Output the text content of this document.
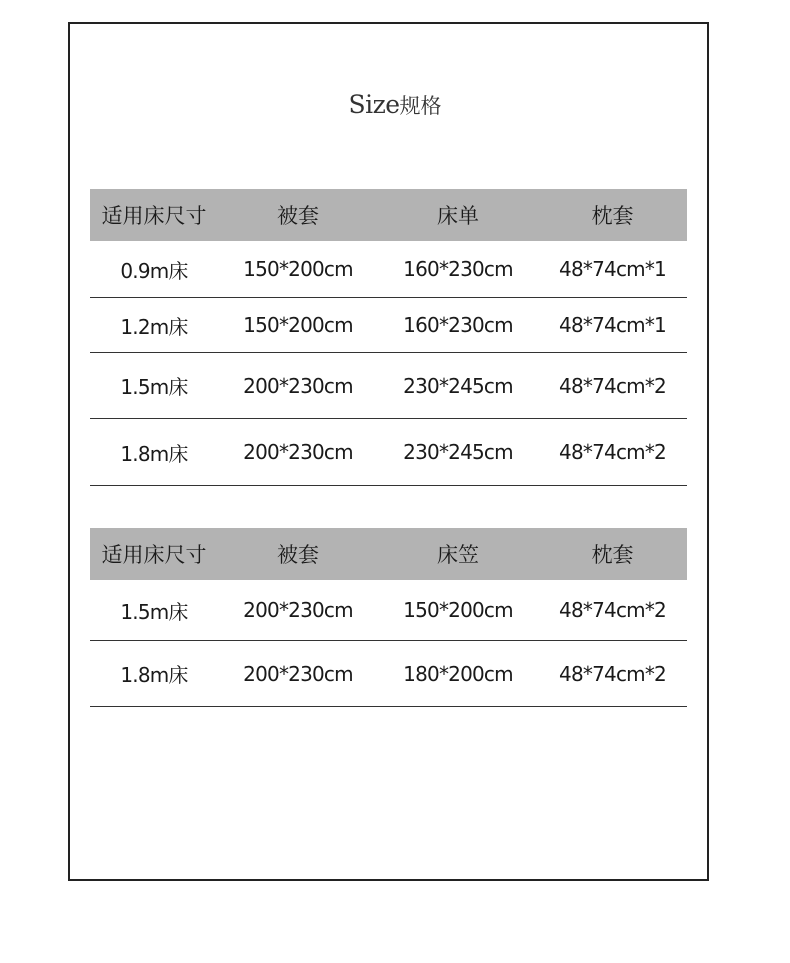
Size规格
适用床尺寸	被套	床单	枕套
0.9m床	150*200cm	160*230cm	48*74cm*1
1.2m床	150*200cm	160*230cm	48*74cm*1
1.5m床	200*230cm	230*245cm	48*74cm*2
1.8m床	200*230cm	230*245cm	48*74cm*2
适用床尺寸	被套	床笠	枕套
1.5m床	200*230cm	150*200cm	48*74cm*2
1.8m床	200*230cm	180*200cm	48*74cm*2
